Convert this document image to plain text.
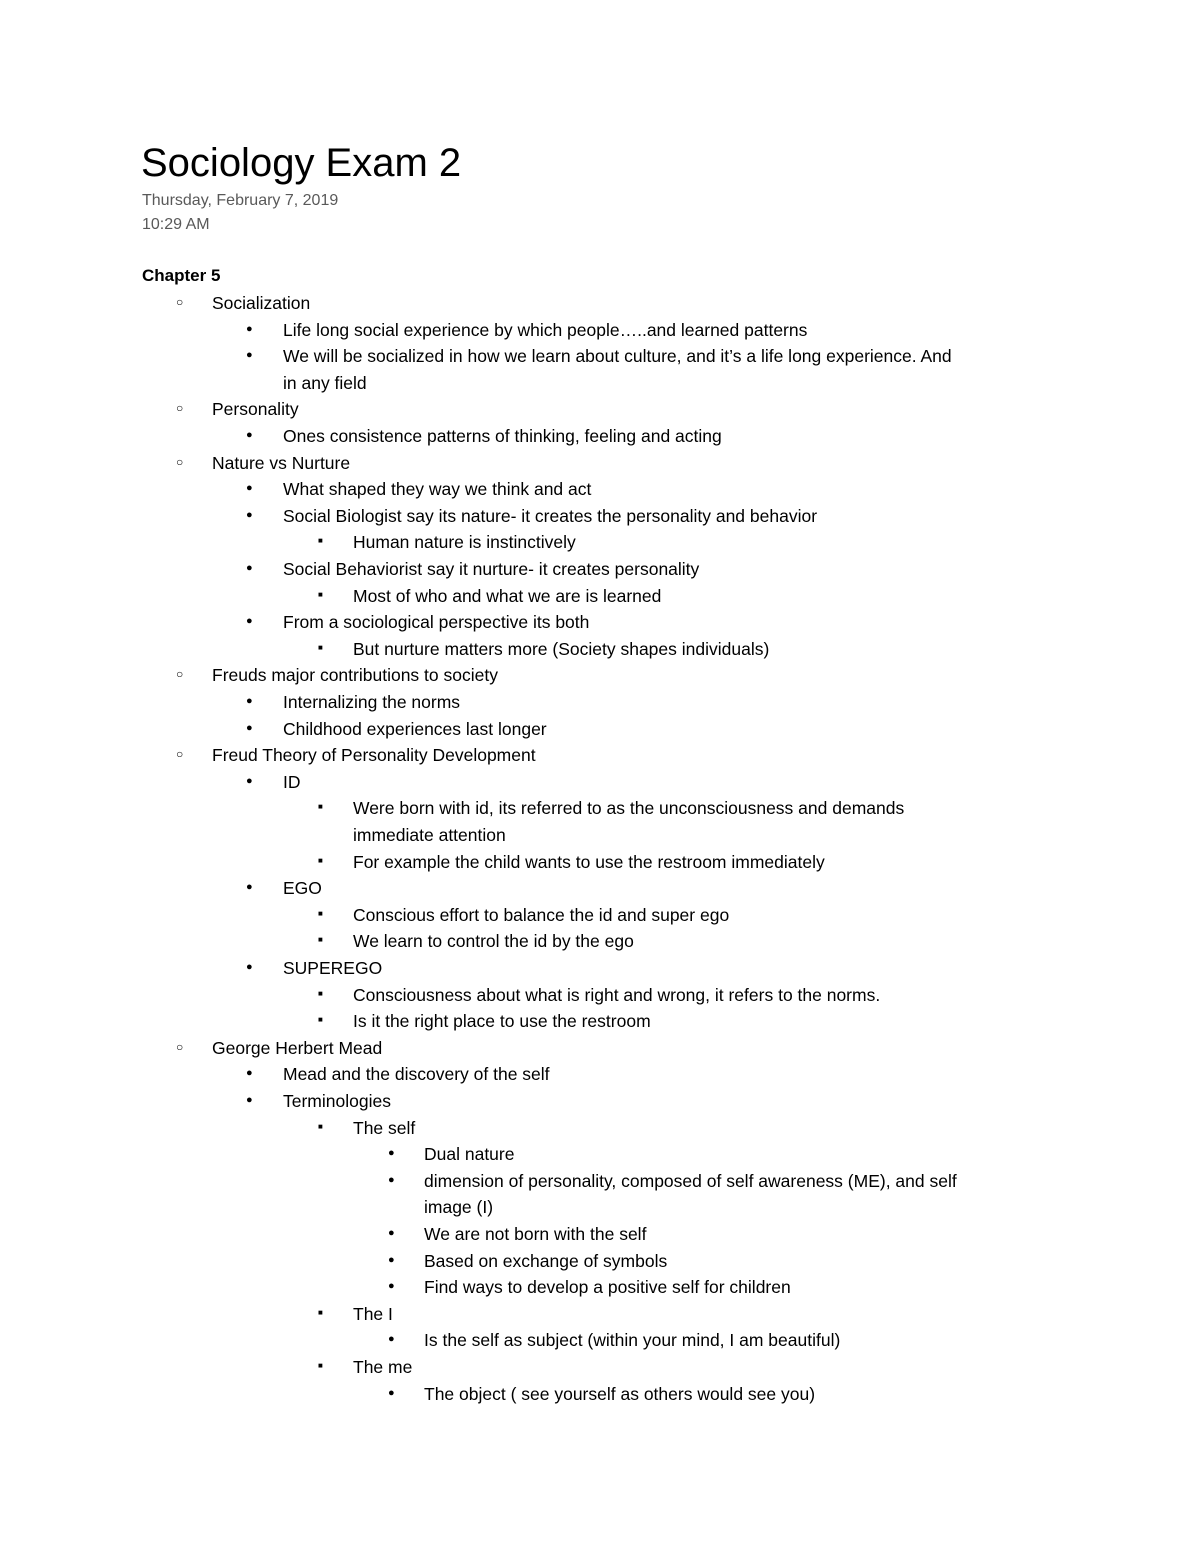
Sociology Exam 2
Thursday, February 7, 2019
10:29 AM
Chapter 5
○ Socialization
● Life long social experience by which people…..and learned patterns
● We will be socialized in how we learn about culture, and it’s a life long experience. And
in any field
○ Personality
● Ones consistence patterns of thinking, feeling and acting
○ Nature vs Nurture
● What shaped they way we think and act
● Social Biologist say its nature- it creates the personality and behavior
■ Human nature is instinctively
● Social Behaviorist say it nurture- it creates personality
■ Most of who and what we are is learned
● From a sociological perspective its both
■ But nurture matters more (Society shapes individuals)
○ Freuds major contributions to society
● Internalizing the norms
● Childhood experiences last longer
○ Freud Theory of Personality Development
● ID
■ Were born with id, its referred to as the unconsciousness and demands
immediate attention
■ For example the child wants to use the restroom immediately
● EGO
■ Conscious effort to balance the id and super ego
■ We learn to control the id by the ego
● SUPEREGO
■ Consciousness about what is right and wrong, it refers to the norms.
■ Is it the right place to use the restroom
○ George Herbert Mead
● Mead and the discovery of the self
● Terminologies
■ The self
● Dual nature
● dimension of personality, composed of self awareness (ME), and self
image (I)
● We are not born with the self
● Based on exchange of symbols
● Find ways to develop a positive self for children
■ The I
● Is the self as subject (within your mind, I am beautiful)
■ The me
● The object ( see yourself as others would see you)
